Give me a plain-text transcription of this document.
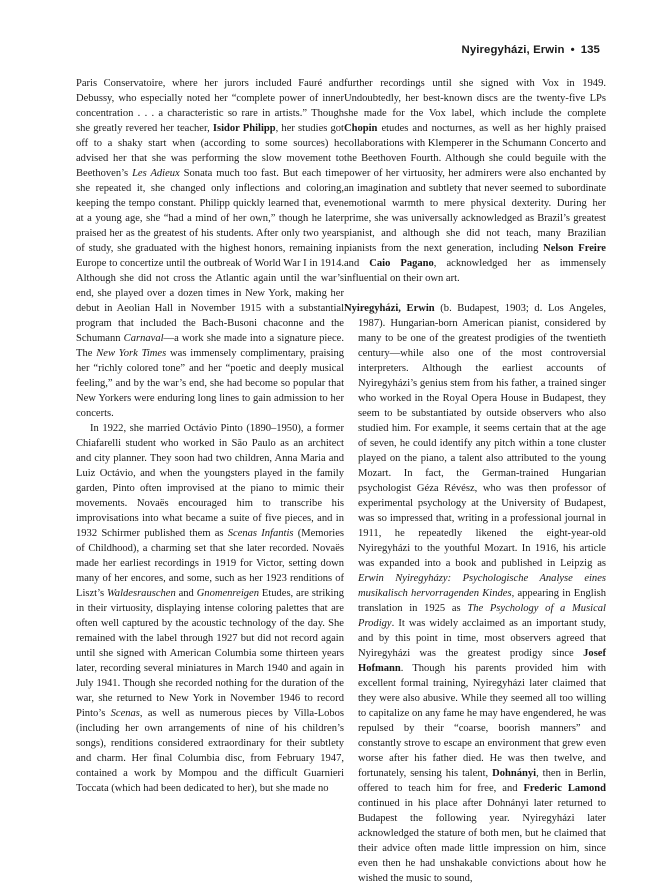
Nyiregyházi, Erwin • 135

Paris Conservatoire, where her jurors included Fauré and Debussy, who especially noted her “complete power of inner concentration . . . a characteristic so rare in artists.” Though she greatly revered her teacher, Isidor Philipp, her studies got off to a shaky start when (according to some sources) he advised her that she was performing the slow movement to Beethoven’s Les Adieux Sonata much too fast. But each time she repeated it, she changed only inflections and coloring, keeping the tempo constant. Philipp quickly learned that, even at a young age, she “had a mind of her own,” though he later praised her as the greatest of his students. After only two years of study, she graduated with the highest honors, remaining in Europe to concertize until the outbreak of World War I in 1914. Although she did not cross the Atlantic again until the war’s end, she played over a dozen times in New York, making her debut in Aeolian Hall in November 1915 with a substantial program that included the Bach-Busoni chaconne and the Schumann Carnaval—a work she made into a signature piece. The New York Times was immensely complimentary, praising her “richly colored tone” and her “poetic and deeply musical feeling,” and by the war’s end, she had become so popular that New Yorkers were enduring long lines to gain admission to her concerts.

In 1922, she married Octávio Pinto (1890–1950), a former Chiafarelli student who worked in São Paulo as an architect and city planner. They soon had two children, Anna Maria and Luiz Octávio, and when the youngsters played in the family garden, Pinto often improvised at the piano to mimic their movements. Novaës encouraged him to transcribe his improvisations into what became a suite of five pieces, and in 1932 Schirmer published them as Scenas Infantis (Memories of Childhood), a charming set that she later recorded. Novaës made her earliest recordings in 1919 for Victor, setting down many of her encores, and some, such as her 1923 renditions of Liszt’s Waldesrauschen and Gnomenreigen Etudes, are striking in their virtuosity, displaying intense coloring palettes that are often well captured by the acoustic technology of the day. She remained with the label through 1927 but did not record again until she signed with American Columbia some thirteen years later, recording several miniatures in March 1940 and again in July 1941. Though she recorded nothing for the duration of the war, she returned to New York in November 1946 to record Pinto’s Scenas, as well as numerous pieces by Villa-Lobos (including her own arrangements of nine of his children’s songs), renditions considered extraordinary for their subtlety and charm. Her final Columbia disc, from February 1947, contained a work by Mompou and the difficult Guarnieri Toccata (which had been dedicated to her), but she made no

further recordings until she signed with Vox in 1949. Undoubtedly, her best-known discs are the twenty-five LPs she made for the Vox label, which include the complete Chopin etudes and nocturnes, as well as her highly praised collaborations with Klemperer in the Schumann Concerto and the Beethoven Fourth. Although she could beguile with the power of her virtuosity, her admirers were also enchanted by an imagination and subtlety that never seemed to subordinate emotional warmth to mere physical dexterity. During her prime, she was universally acknowledged as Brazil’s greatest pianist, and although she did not teach, many Brazilian pianists from the next generation, including Nelson Freire and Caio Pagano, acknowledged her as immensely influential on their own art.

Nyiregyházi, Erwin (b. Budapest, 1903; d. Los Angeles, 1987). Hungarian-born American pianist, considered by many to be one of the greatest prodigies of the twentieth century—while also one of the most controversial interpreters. Although the earliest accounts of Nyiregyházi’s genius stem from his father, a trained singer who worked in the Royal Opera House in Budapest, they seem to be substantiated by outside observers who also studied him. For example, it seems certain that at the age of seven, he could identify any pitch within a tone cluster played on the piano, a talent also attributed to the young Mozart. In fact, the German-trained Hungarian psychologist Géza Révész, who was then professor of experimental psychology at the University of Budapest, was so impressed that, writing in a professional journal in 1911, he repeatedly likened the eight-year-old Nyiregyházi to the youthful Mozart. In 1916, his article was expanded into a book and published in Leipzig as Erwin Nyiregyházy: Psychologische Analyse eines musikalisch hervorragenden Kindes, appearing in English translation in 1925 as The Psychology of a Musical Prodigy. It was widely acclaimed as an important study, and by this point in time, most observers agreed that Nyiregyházi was the greatest prodigy since Josef Hofmann. Though his parents provided him with excellent formal training, Nyiregyházi later claimed that they were also abusive. While they seemed all too willing to capitalize on any fame he may have engendered, he was repulsed by their “coarse, boorish manners” and constantly strove to escape an environment that grew even worse after his father died. He was then twelve, and fortunately, sensing his talent, Dohnányi, then in Berlin, offered to teach him for free, and Frederic Lamond continued in his place after Dohnányi later returned to Budapest the following year. Nyiregyházi later acknowledged the stature of both men, but he claimed that their advice often made little impression on him, since even then he had unshakable convictions about how he wished the music to sound,
